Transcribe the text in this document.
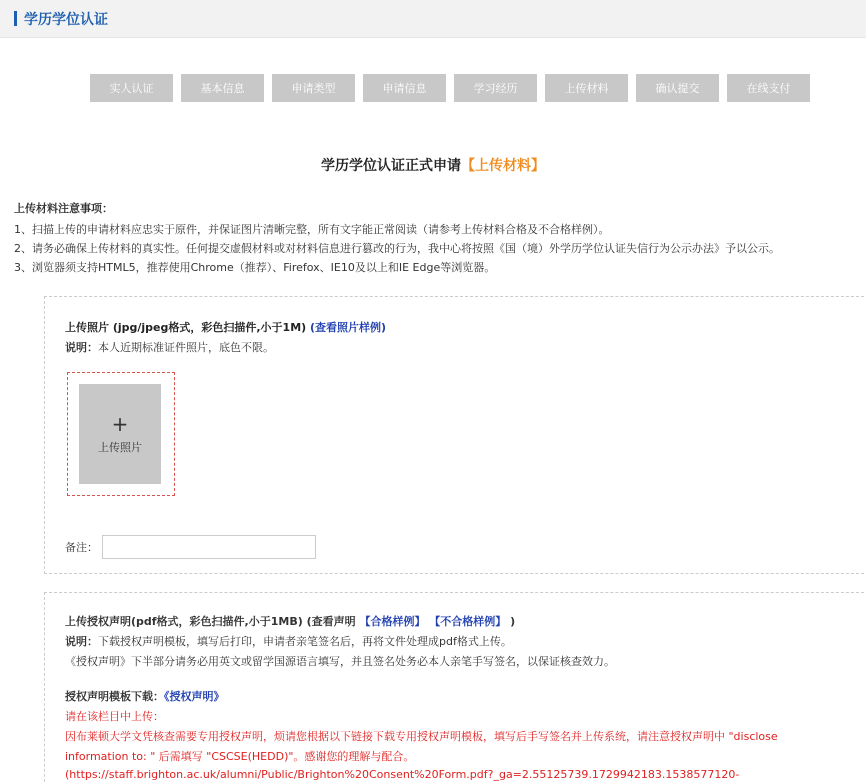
学历学位认证
实人认证	基本信息	申请类型	申请信息	学习经历	上传材料	确认提交	在线支付
学历学位认证正式申请【上传材料】
上传材料注意事项：
1、扫描上传的申请材料应忠实于原件，并保证图片清晰完整，所有文字能正常阅读（请参考上传材料合格及不合格样例）。
2、请务必确保上传材料的真实性。任何提交虚假材料或对材料信息进行篡改的行为，我中心将按照《国（境）外学历学位认证失信行为公示办法》予以公示。
3、浏览器须支持HTML5，推荐使用Chrome（推荐）、Firefox、IE10及以上和IE Edge等浏览器。
上传照片 (jpg/jpeg格式，彩色扫描件,小于1M) (查看照片样例)
说明：本人近期标准证件照片，底色不限。
+
上传照片
备注：
上传授权声明(pdf格式，彩色扫描件,小于1MB) (查看声明 【合格样例】 【不合格样例】 )
说明：下载授权声明模板，填写后打印，申请者亲笔签名后，再将文件处理成pdf格式上传。
《授权声明》下半部分请务必用英文或留学国源语言填写，并且签名处务必本人亲笔手写签名，以保证核查效力。
授权声明模板下载：《授权声明》
请在该栏目中上传：
因布莱顿大学文凭核查需要专用授权声明，烦请您根据以下链接下载专用授权声明模板，填写后手写签名并上传系统，请注意授权声明中 "disclose
information to: " 后需填写 "CSCSE(HEDD)"。感谢您的理解与配合。
(https://staff.brighton.ac.uk/alumni/Public/Brighton%20Consent%20Form.pdf?_ga=2.55125739.1729942183.1538577120-
